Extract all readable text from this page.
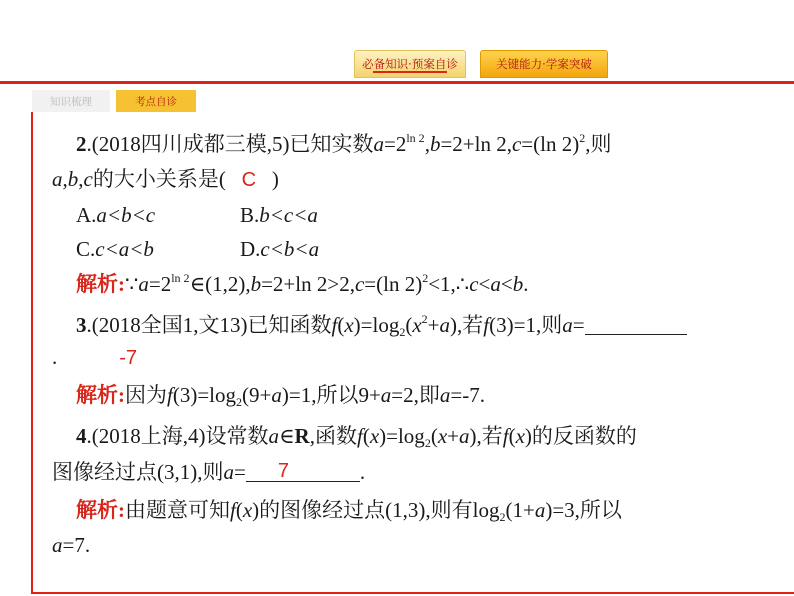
必备知识·预案自诊	关键能力·学案突破
知识梳理	考点自诊
2.(2018四川成都三模,5)已知实数$a=2^{ln 2},b=2+\ln$ 2,c=(ln 2)$^2$,则
a,b,c的大小关系是( C )
A.a<b<c	B.b<c<a
C.c<a<b	D.c<b<a
解析$:\because a=2^{ln 2}\in(1,2),b=2+\ln$ 2>2,c=(ln 2)$^2$<1,∴c<a<b.
3.(2018全国1,文13)已知函数$f(x)=\log_2(x^2+a)$,若f(3)=1,则a=
.	-7
解析:因为$f(3)=\log_2(9+a)=1$,所以9+a=2,即a=-7.
4.(2018上海,4)设常数a∈R,函数$f(x)=\log_2(x+a)$,若f(x)的反函数的
图像经过点(3,1),则a= 7	.
解析:由题意可知f(x)的图像经过点(1,3),则有$\log_2(1+a)=3$,所以
a=7.
